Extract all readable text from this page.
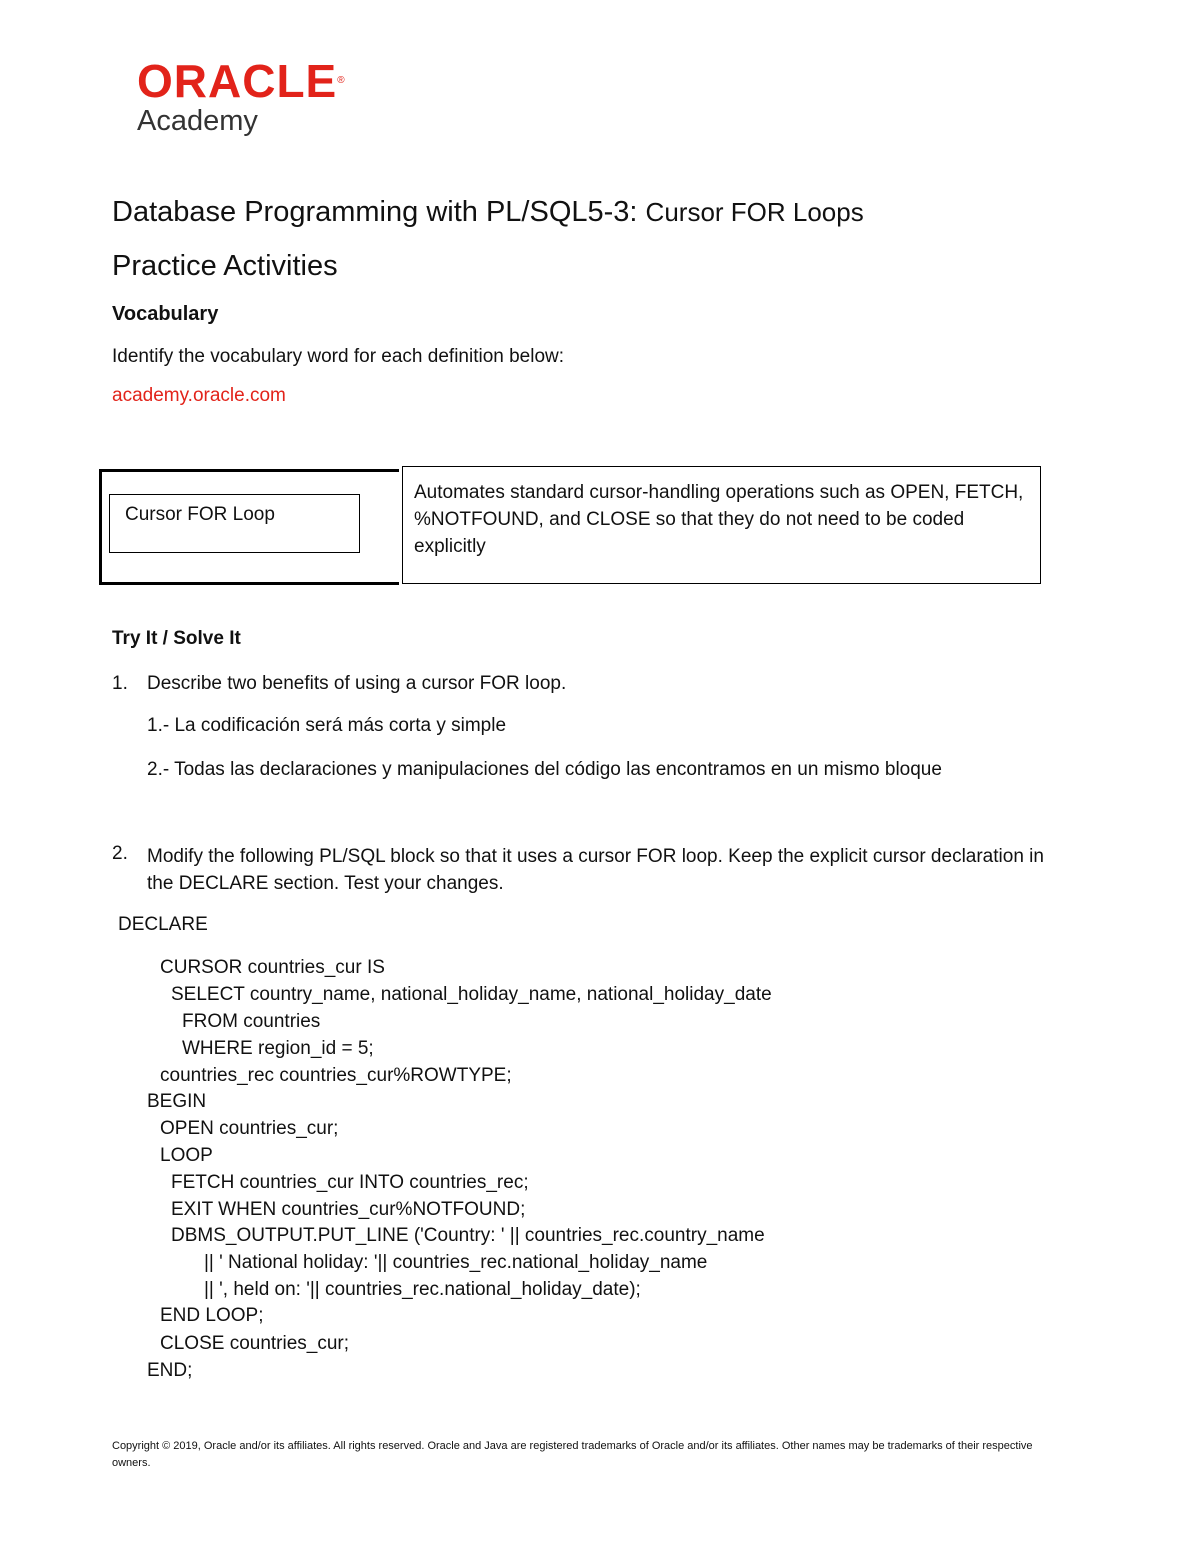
ORACLE®
Academy
Database Programming with PL/SQL5-3: Cursor FOR Loops
Practice Activities
Vocabulary
Identify the vocabulary word for each definition below:
academy.oracle.com
Cursor FOR Loop
Automates standard cursor-handling operations such as OPEN, FETCH, %NOTFOUND, and CLOSE so that they do not need to be coded explicitly
Try It / Solve It
1. Describe two benefits of using a cursor FOR loop.
1.- La codificación será más corta y simple
2.- Todas las declaraciones y manipulaciones del código las encontramos en un mismo bloque
2. Modify the following PL/SQL block so that it uses a cursor FOR loop. Keep the explicit cursor declaration in the DECLARE section. Test your changes.
DECLARE
CURSOR countries_cur IS
SELECT country_name, national_holiday_name, national_holiday_date
FROM countries
WHERE region_id = 5;
countries_rec countries_cur%ROWTYPE;
BEGIN
OPEN countries_cur;
LOOP
FETCH countries_cur INTO countries_rec;
EXIT WHEN countries_cur%NOTFOUND;
DBMS_OUTPUT.PUT_LINE ('Country: ' || countries_rec.country_name
|| ' National holiday: '|| countries_rec.national_holiday_name
|| ', held on: '|| countries_rec.national_holiday_date);
END LOOP;
CLOSE countries_cur;
END;
Copyright © 2019, Oracle and/or its affiliates. All rights reserved. Oracle and Java are registered trademarks of Oracle and/or its affiliates. Other names may be trademarks of their respective owners.
